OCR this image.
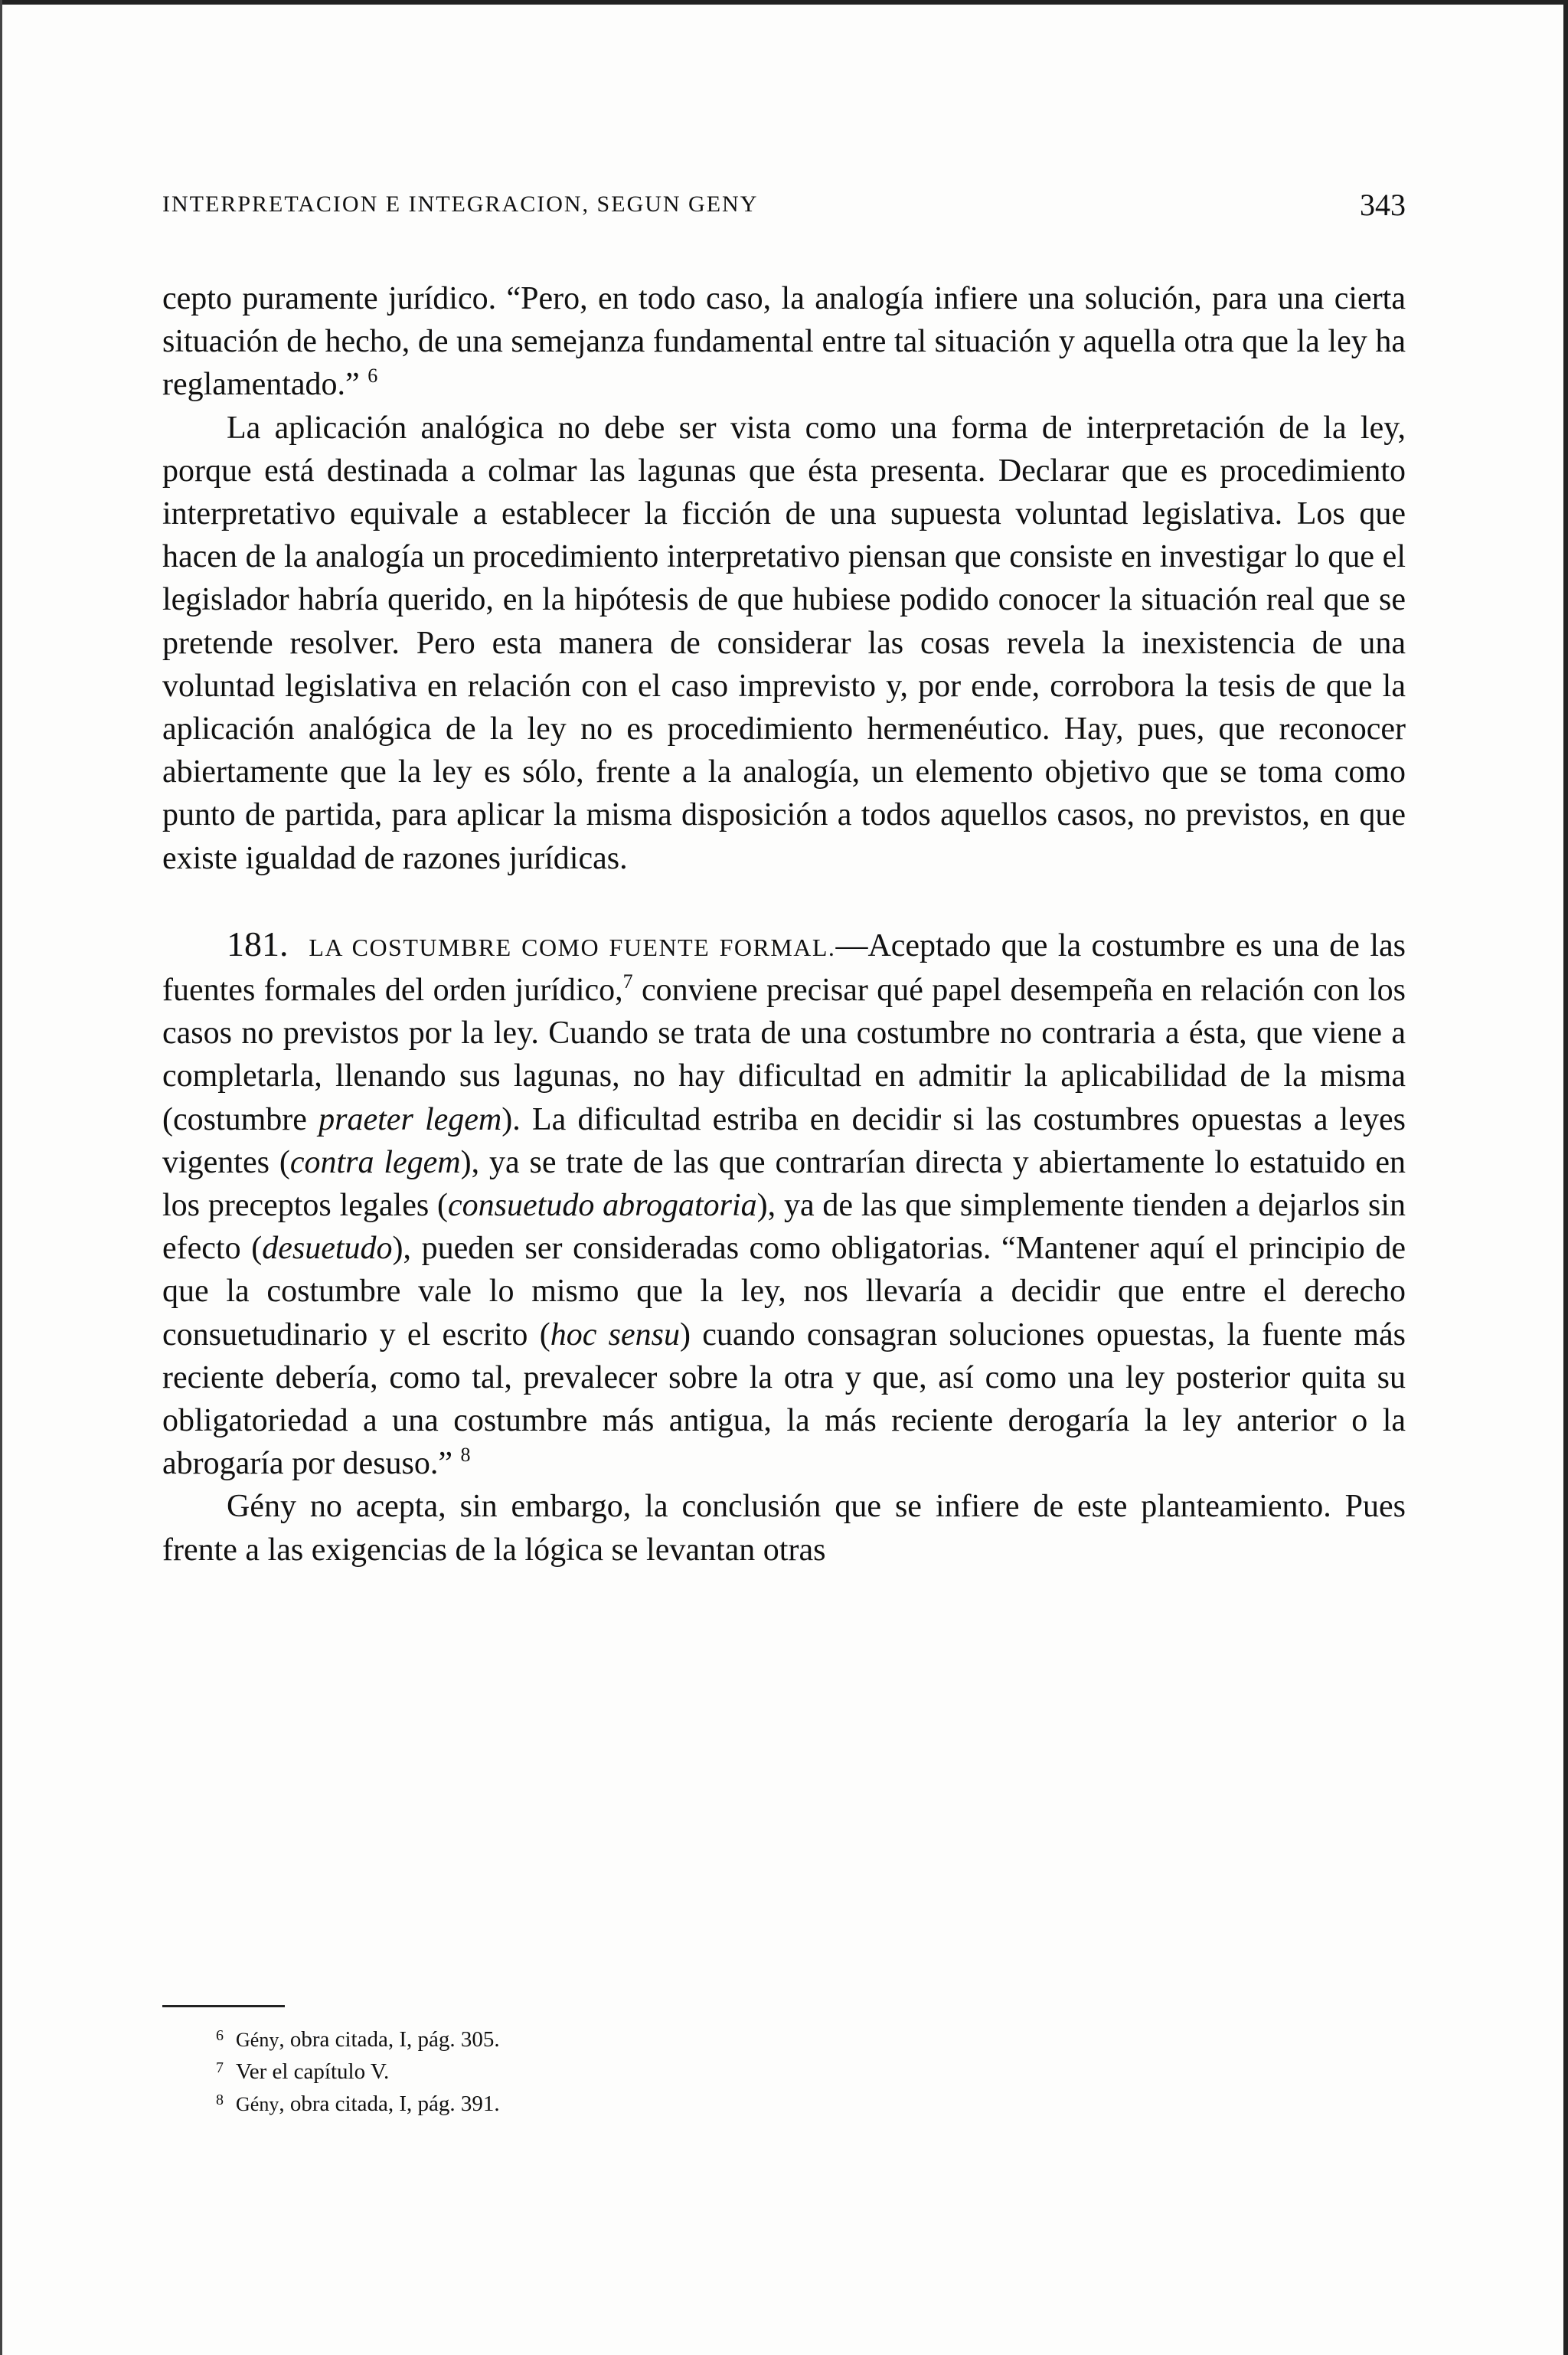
INTERPRETACION E INTEGRACION, SEGUN GENY	343

cepto puramente jurídico. “Pero, en todo caso, la analogía infiere una solución, para una cierta situación de hecho, de una semejanza fundamental entre tal situación y aquella otra que la ley ha reglamentado.” $^6$

La aplicación analógica no debe ser vista como una forma de interpretación de la ley, porque está destinada a colmar las lagunas que ésta presenta. Declarar que es procedimiento interpretativo equivale a establecer la ficción de una supuesta voluntad legislativa. Los que hacen de la analogía un procedimiento interpretativo piensan que consiste en investigar lo que el legislador habría querido, en la hipótesis de que hubiese podido conocer la situación real que se pretende resolver. Pero esta manera de considerar las cosas revela la inexistencia de una voluntad legislativa en relación con el caso imprevisto y, por ende, corrobora la tesis de que la aplicación analógica de la ley no es procedimiento hermenéutico. Hay, pues, que reconocer abiertamente que la ley es sólo, frente a la analogía, un elemento objetivo que se toma como punto de partida, para aplicar la misma disposición a todos aquellos casos, no previstos, en que existe igualdad de razones jurídicas.

181. LA COSTUMBRE COMO FUENTE FORMAL.—Aceptado que la costumbre es una de las fuentes formales del orden jurídico,$^7$ conviene precisar qué papel desempeña en relación con los casos no previstos por la ley. Cuando se trata de una costumbre no contraria a ésta, que viene a completarla, llenando sus lagunas, no hay dificultad en admitir la aplicabilidad de la misma (costumbre praeter legem). La dificultad estriba en decidir si las costumbres opuestas a leyes vigentes (contra legem), ya se trate de las que contrarían directa y abiertamente lo estatuido en los preceptos legales (consuetudo abrogatoria), ya de las que simplemente tienden a dejarlos sin efecto (desuetudo), pueden ser consideradas como obligatorias. “Mantener aquí el principio de que la costumbre vale lo mismo que la ley, nos llevaría a decidir que entre el derecho consuetudinario y el escrito (hoc sensu) cuando consagran soluciones opuestas, la fuente más reciente debería, como tal, prevalecer sobre la otra y que, así como una ley posterior quita su obligatoriedad a una costumbre más antigua, la más reciente derogaría la ley anterior o la abrogaría por desuso.” $^8$

Gény no acepta, sin embargo, la conclusión que se infiere de este planteamiento. Pues frente a las exigencias de la lógica se levantan otras

6 Gény, obra citada, I, pág. 305.
7 Ver el capítulo V.
8 Gény, obra citada, I, pág. 391.
